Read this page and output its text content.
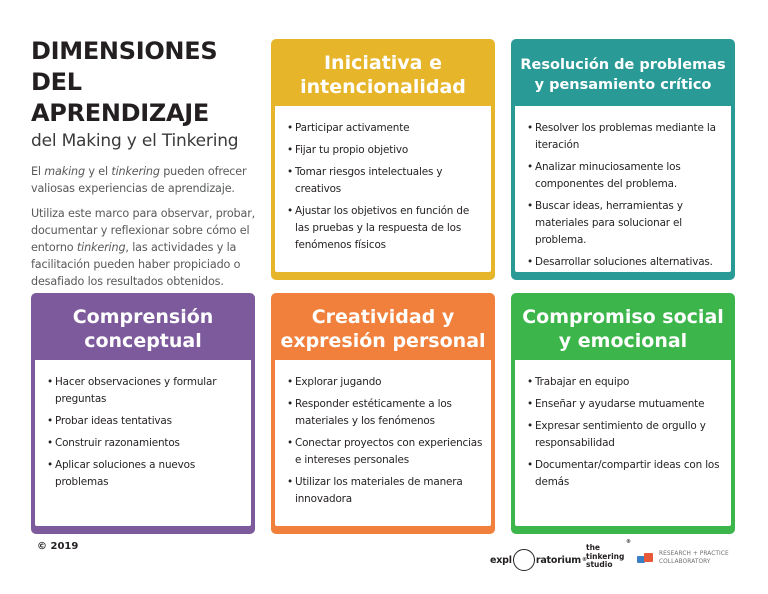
DIMENSIONES
DEL APRENDIZAJE
del Making y el Tinkering

El making y el tinkering pueden ofrecer valiosas experiencias de aprendizaje.

Utiliza este marco para observar, probar, documentar y reflexionar sobre cómo el entorno tinkering, las actividades y la facilitación pueden haber propiciado o desafiado los resultados obtenidos.

Iniciativa e
intencionalidad
• Participar activamente
• Fijar tu propio objetivo
• Tomar riesgos intelectuales y creativos
• Ajustar los objetivos en función de las pruebas y la respuesta de los fenómenos físicos
Resolución de problemas
y pensamiento crítico
• Resolver los problemas mediante la iteración
• Analizar minuciosamente los componentes del problema.
• Buscar ideas, herramientas y materiales para solucionar el problema.
• Desarrollar soluciones alternativas.
Comprensión
conceptual
• Hacer observaciones y formular preguntas
• Probar ideas tentativas
• Construir razonamientos
• Aplicar soluciones a nuevos problemas
Creatividad y
expresión personal
• Explorar jugando
• Responder estéticamente a los materiales y los fenómenos
• Conectar proyectos con experiencias e intereses personales
• Utilizar los materiales de manera innovadora
Compromiso social
y emocional
• Trabajar en equipo
• Enseñar y ayudarse mutuamente
• Expresar sentimiento de orgullo y responsabilidad
• Documentar/compartir ideas con los demás
© 2019
expl	ratorium ®
the
tinkering
studio
®
RESEARCH + PRACTICE
COLLABORATORY
